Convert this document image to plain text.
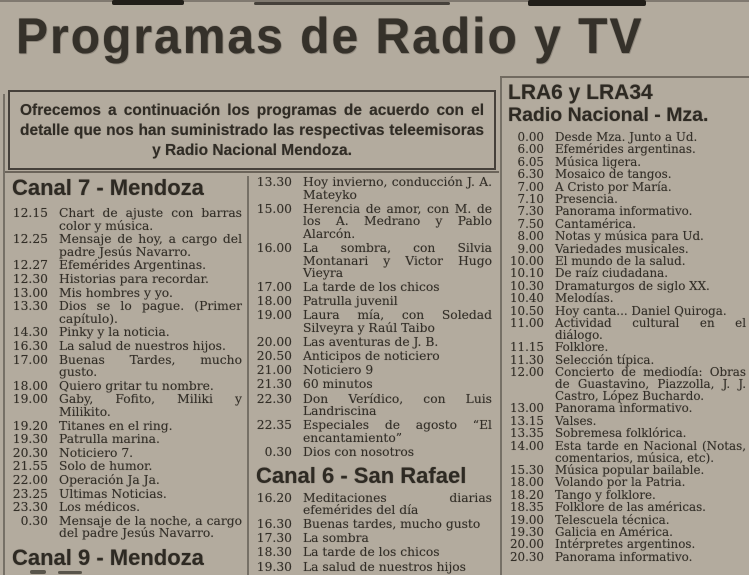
Programas de Radio y TV
Ofrecemos a continuación los programas de acuerdo con el detalle que nos han suministrado las respectivas teleemisoras y Radio Nacional Mendoza.
Canal 7 - Mendoza
12.15 Chart de ajuste con barras color y música.
12.25 Mensaje de hoy, a cargo del padre Jesús Navarro.
12.27 Efemérides Argentinas.
12.30 Historias para recordar.
13.00 Mis hombres y yo.
13.30 Dios se lo pague. (Primer capítulo).
14.30 Pinky y la noticia.
16.30 La salud de nuestros hijos.
17.00 Buenas Tardes, mucho gusto.
18.00 Quiero gritar tu nombre.
19.00 Gaby, Fofito, Miliki y Milikito.
19.20 Titanes en el ring.
19.30 Patrulla marina.
20.30 Noticiero 7.
21.55 Solo de humor.
22.00 Operación Ja Ja.
23.25 Ultimas Noticias.
23.30 Los médicos.
0.30 Mensaje de la noche, a cargo del padre Jesús Navarro.
Canal 9 - Mendoza
13.30 Hoy invierno, conducción J. A. Mateyko
15.00 Herencia de amor, con M. de los A. Medrano y Pablo Alarcón.
16.00 La sombra, con Silvia Montanari y Victor Hugo Vieyra
17.00 La tarde de los chicos
18.00 Patrulla juvenil
19.00 Laura mía, con Soledad Silveyra y Raúl Taibo
20.00 Las aventuras de J. B.
20.50 Anticipos de noticiero
21.00 Noticiero 9
21.30 60 minutos
22.30 Don Verídico, con Luis Landriscina
22.35 Especiales de agosto “El encantamiento”
0.30 Dios con nosotros
Canal 6 - San Rafael
16.20 Meditaciones diarias efemérides del día
16.30 Buenas tardes, mucho gusto
17.30 La sombra
18.30 La tarde de los chicos
19.30 La salud de nuestros hijos
LRA6 y LRA34
Radio Nacional - Mza.
0.00 Desde Mza. Junto a Ud.
6.00 Efemérides argentinas.
6.05 Música ligera.
6.30 Mosaico de tangos.
7.00 A Cristo por María.
7.10 Presencia.
7.30 Panorama informativo.
7.50 Cantamérica.
8.00 Notas y música para Ud.
9.00 Variedades musicales.
10.00 El mundo de la salud.
10.10 De raíz ciudadana.
10.30 Dramaturgos de siglo XX.
10.40 Melodías.
10.50 Hoy canta... Daniel Quiroga.
11.00 Actividad cultural en el diálogo.
11.15 Folklore.
11.30 Selección típica.
12.00 Concierto de mediodía: Obras de Guastavino, Piazzolla, J. J. Castro, López Buchardo.
13.00 Panorama informativo.
13.15 Valses.
13.35 Sobremesa folklórica.
14.00 Esta tarde en Nacional (Notas, comentarios, música, etc).
15.30 Música popular bailable.
18.00 Volando por la Patria.
18.20 Tango y folklore.
18.35 Folklore de las américas.
19.00 Telescuela técnica.
19.30 Galicia en América.
20.00 Intérpretes argentinos.
20.30 Panorama informativo.
